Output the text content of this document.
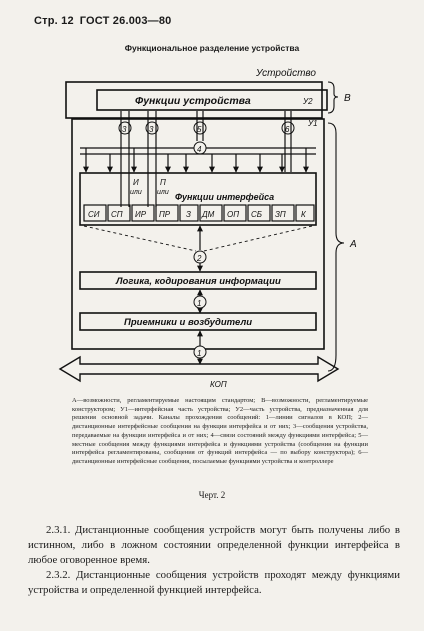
Стр. 12 ГОСТ 26.003—80
Функциональное разделение устройства
Устройство
Функции устройства	У2
У1
3	3	5	6
4
Функции интерфейса
И
или
П
или
СИ СП ИР ПР З ДМ ОП СБ ЗП К
2
Логика, кодирования информации
1
Приемники и возбудители
1
КОП
В
А
А—возможности, регламентируемые настоящим стандартом; В—возможности, регламентируемые конструктором; У1—интерфейсная часть устройства; У2—часть устройства, предназначенная для решения основной задачи. Каналы прохождения сообщений: 1—линии сигналов в КОП; 2—дистанционные интерфейсные сообщения на функции интерфейса и от них; 3—сообщения устройства, передаваемые на функции интерфейса и от них; 4—связи состояний между функциями интерфейса; 5—местные сообщения между функциями интерфейса и функциями устройства (сообщения на функции интерфейса регламентированы, сообщения от функций интерфейса — по выбору конструктора); 6—дистанционные интерфейсные сообщения, посылаемые функциями устройства и контроллере
Черт. 2
2.3.1. Дистанционные сообщения устройств могут быть получены либо в истинном, либо в ложном состоянии определенной функции интерфейса в любое оговоренное время.
2.3.2. Дистанционные сообщения устройств проходят между функциями устройства и определенной функцией интерфейса.
